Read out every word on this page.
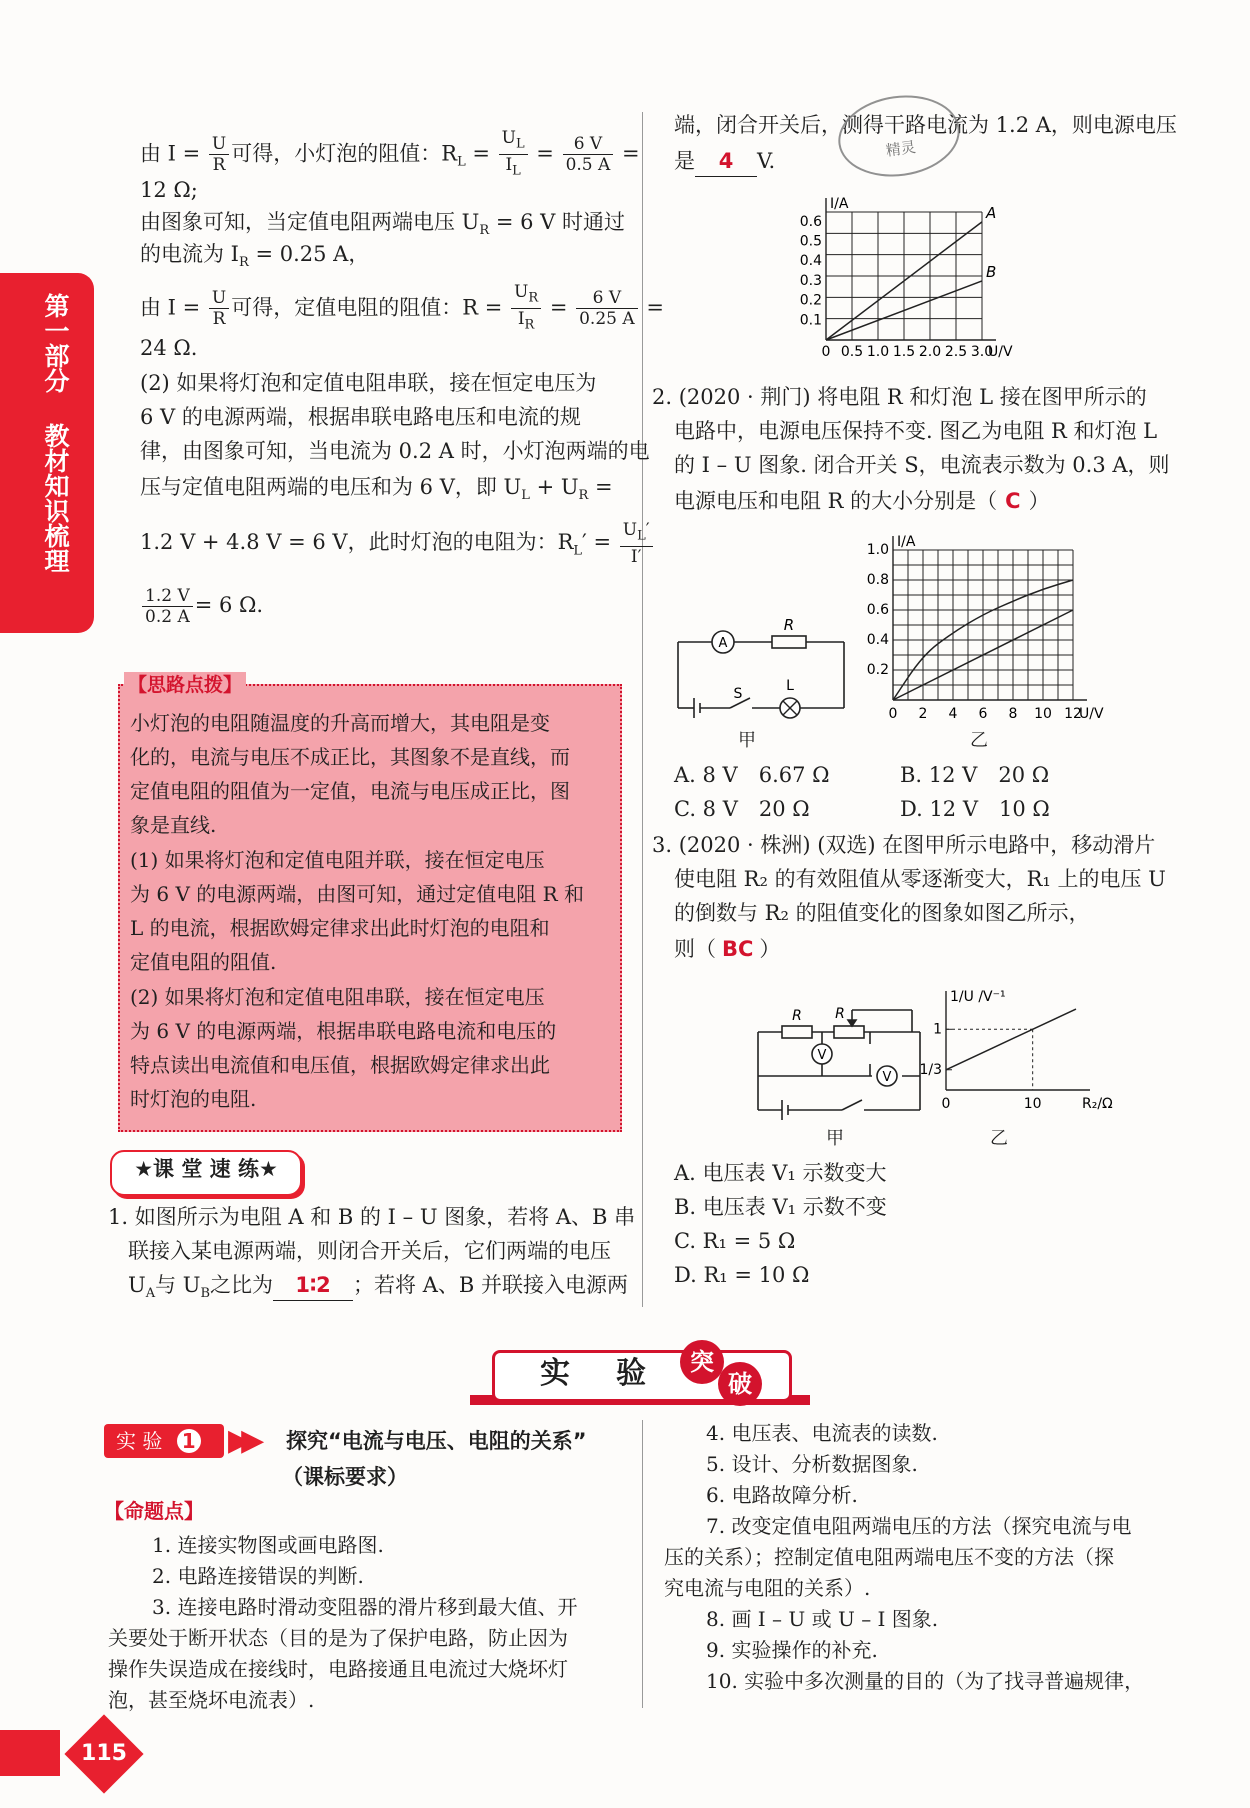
第一部分
教材知识梳理
由 $I = \frac{U}{R}$ 可得，小灯泡的阻值：$R_L = \frac{U_L}{I_L} = \frac{6 V}{0.5 A}$ =
12 Ω;
由图象可知，当定值电阻两端电压 $U_R = 6$ V 时通过
的电流为 $I_R = 0.25$ A，
由 $I = \frac{U}{R}$ 可得，定值电阻的阻值：$R = \frac{U_R}{I_R} = \frac{6 V}{0.25 A}$ =
24 Ω.
(2) 如果将灯泡和定值电阻串联，接在恒定电压为
6 V 的电源两端，根据串联电路电压和电流的规
律，由图象可知，当电流为 0.2 A 时，小灯泡两端的电
压与定值电阻两端的电压和为 6 V，即 $U_L + U_R$ =
1.2 V + 4.8 V = 6 V，此时灯泡的电阻为：$R_L' = \frac{U_L'}{I'}$
$\frac{1.2 V}{0.2 A} = 6$ Ω.
【思路点拨】
小灯泡的电阻随温度的升高而增大，其电阻是变
化的，电流与电压不成正比，其图象不是直线，而
定值电阻的阻值为一定值，电流与电压成正比，图
象是直线.
(1) 如果将灯泡和定值电阻并联，接在恒定电压
为 6 V 的电源两端，由图可知，通过定值电阻 R 和
L 的电流，根据欧姆定律求出此时灯泡的电阻和
定值电阻的阻值.
(2) 如果将灯泡和定值电阻串联，接在恒定电压
为 6 V 的电源两端，根据串联电路电流和电压的
特点读出电流值和电压值，根据欧姆定律求出此
时灯泡的电阻.
★课 堂 速 练★
1. 如图所示为电阻 A 和 B 的 I – U 图象，若将 A、B 串
联接入某电源两端，则闭合开关后，它们两端的电压
$U_A$与 $U_B$之比为 1∶2 ；若将 A、B 并联接入电源两
端，闭合开关后，测得干路电流为 1.2 A，则电源电压
是 4 V.
精灵
U/V
I/A
0 0.5 1.0 1.5 2.0 2.5 3.0
0.1
0.2
0.3
0.4
0.5
0.6	A
B
2. (2020 · 荆门) 将电阻 R 和灯泡 L 接在图甲所示的
电路中，电源电压保持不变. 图乙为电阻 R 和灯泡 L
的 I – U 图象. 闭合开关 S，电流表示数为 0.3 A，则
电源电压和电阻 R 的大小分别是（ C ）
A
R
S	L
甲
U/V
I/A
0 2 4 6 8 10 12
0.2
0.4
0.6
0.8
1.0
乙
A. 8 V　6.67 Ω	B. 12 V　20 Ω
C. 8 V　20 Ω	D. 12 V　10 Ω
3. (2020 · 株洲) (双选) 在图甲所示电路中，移动滑片
使电阻 R₂ 的有效阻值从零逐渐变大，R₁ 上的电压 U
的倒数与 R₂ 的阻值变化的图象如图乙所示，
则（ BC ）
V
V
R R
甲
R₂/Ω
1/U /V⁻¹
0	10
1/3
1
乙
A. 电压表 V₁ 示数变大
B. 电压表 V₁ 示数不变
C. R₁ = 5 Ω
D. R₁ = 10 Ω
实 验	突
破
实 验 1	▶▶ 探究“电流与电压、电阻的关系”
（课标要求）
【命题点】
1. 连接实物图或画电路图.
2. 电路连接错误的判断.
3. 连接电路时滑动变阻器的滑片移到最大值、开
关要处于断开状态（目的是为了保护电路，防止因为
操作失误造成在接线时，电路接通且电流过大烧坏灯
泡，甚至烧坏电流表）.
4. 电压表、电流表的读数.
5. 设计、分析数据图象.
6. 电路故障分析.
7. 改变定值电阻两端电压的方法（探究电流与电
压的关系）；控制定值电阻两端电压不变的方法（探
究电流与电阻的关系）.
8. 画 I – U 或 U – I 图象.
9. 实验操作的补充.
10. 实验中多次测量的目的（为了找寻普遍规律，
115
